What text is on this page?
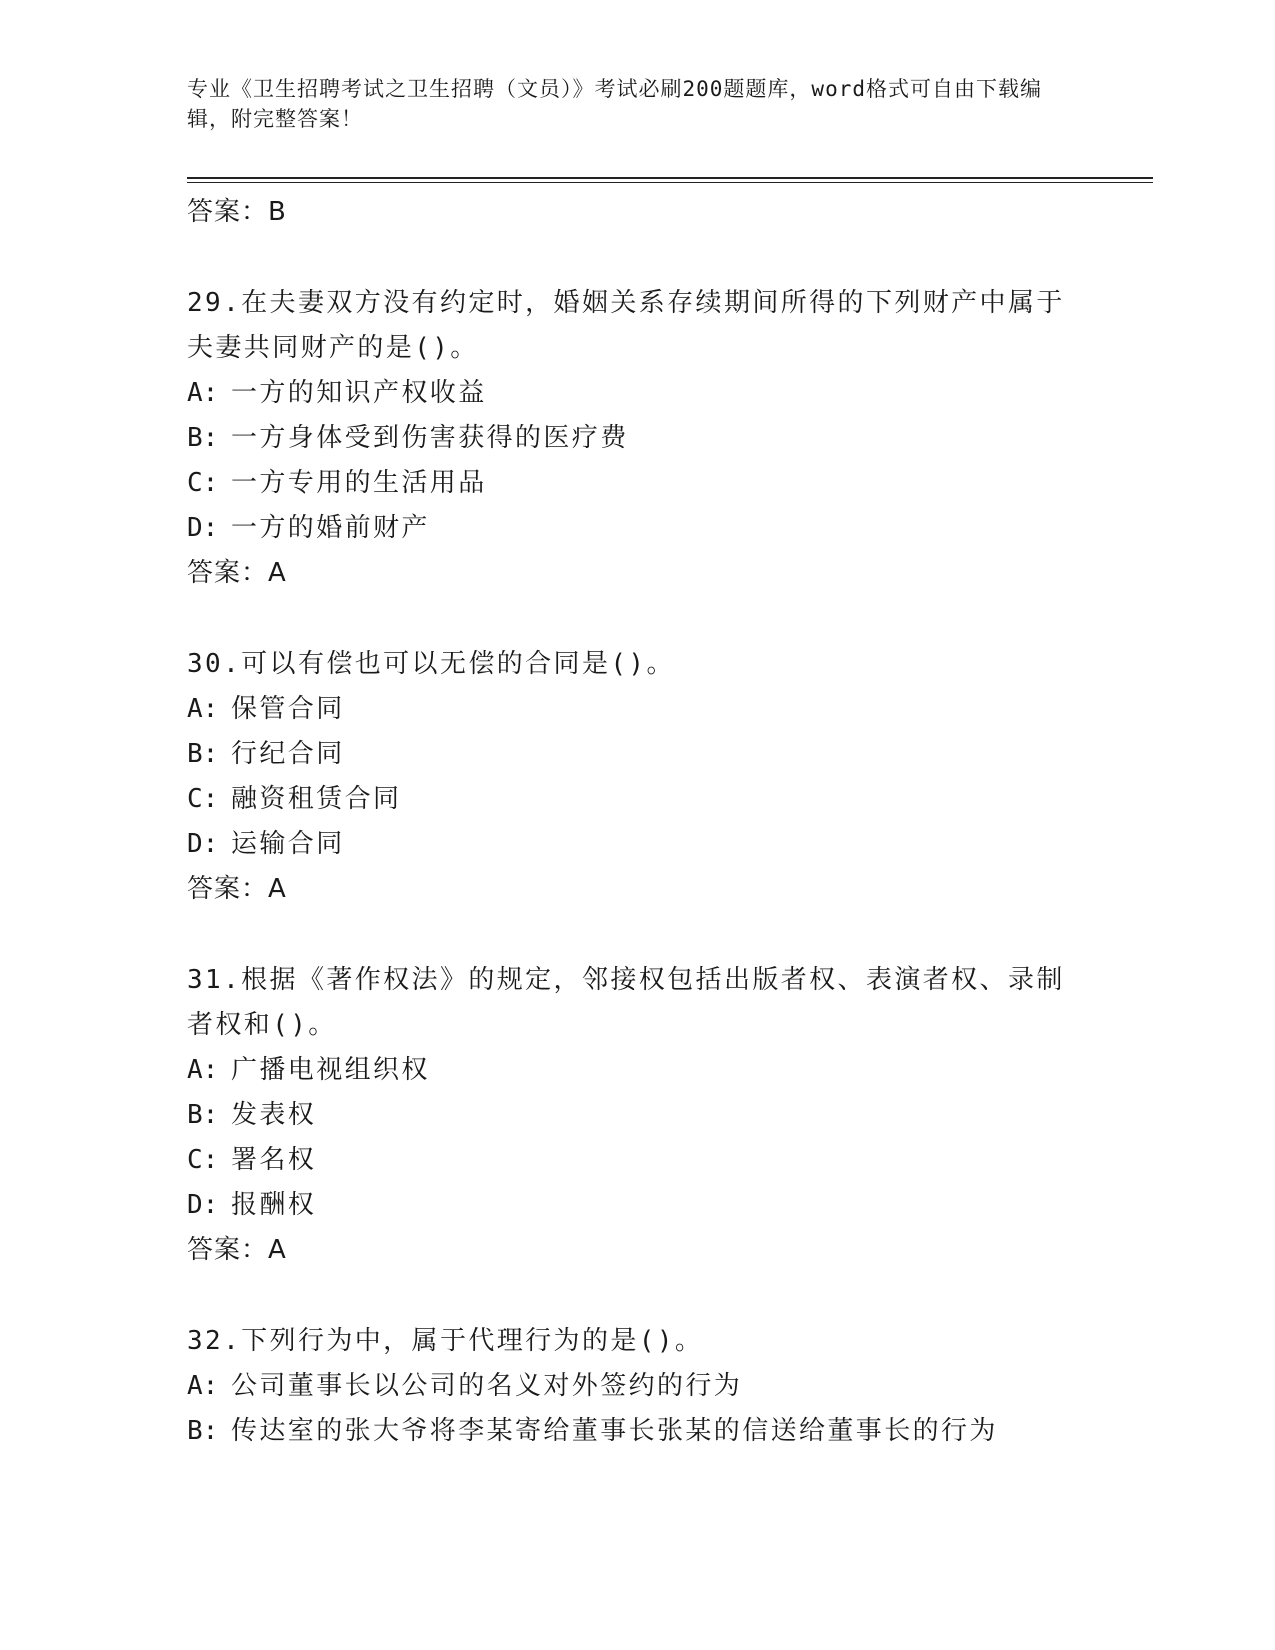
专业《卫生招聘考试之卫生招聘（文员）》考试必刷200题题库，word格式可自由下载编辑，附完整答案！
答案：B
29.在夫妻双方没有约定时，婚姻关系存续期间所得的下列财产中属于夫妻共同财产的是()。
A: 一方的知识产权收益
B: 一方身体受到伤害获得的医疗费
C: 一方专用的生活用品
D: 一方的婚前财产
答案：A
30.可以有偿也可以无偿的合同是()。
A: 保管合同
B: 行纪合同
C: 融资租赁合同
D: 运输合同
答案：A
31.根据《著作权法》的规定，邻接权包括出版者权、表演者权、录制者权和()。
A: 广播电视组织权
B: 发表权
C: 署名权
D: 报酬权
答案：A
32.下列行为中，属于代理行为的是()。
A: 公司董事长以公司的名义对外签约的行为
B: 传达室的张大爷将李某寄给董事长张某的信送给董事长的行为
